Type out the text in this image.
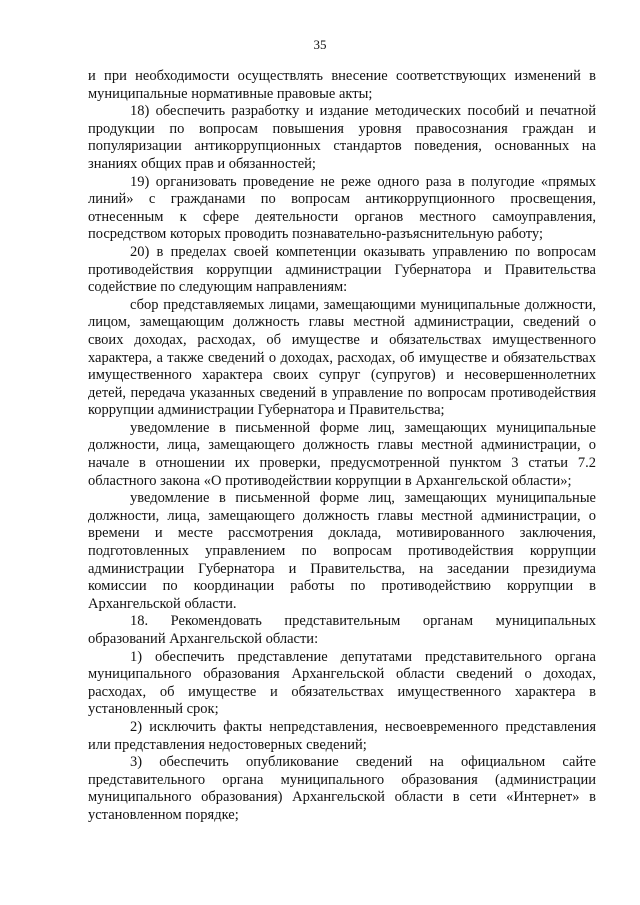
35

и при необходимости осуществлять внесение соответствующих изменений в муниципальные нормативные правовые акты;

18) обеспечить разработку и издание методических пособий и печатной продукции по вопросам повышения уровня правосознания граждан и популяризации антикоррупционных стандартов поведения, основанных на знаниях общих прав и обязанностей;

19) организовать проведение не реже одного раза в полугодие «прямых линий» с гражданами по вопросам антикоррупционного просвещения, отнесенным к сфере деятельности органов местного самоуправления, посредством которых проводить познавательно-разъяснительную работу;

20) в пределах своей компетенции оказывать управлению по вопросам противодействия коррупции администрации Губернатора и Правительства содействие по следующим направлениям:

сбор представляемых лицами, замещающими муниципальные должности, лицом, замещающим должность главы местной администрации, сведений о своих доходах, расходах, об имуществе и обязательствах имущественного характера, а также сведений о доходах, расходах, об имуществе и обязательствах имущественного характера своих супруг (супругов) и несовершеннолетних детей, передача указанных сведений в управление по вопросам противодействия коррупции администрации Губернатора и Правительства;

уведомление в письменной форме лиц, замещающих муниципальные должности, лица, замещающего должность главы местной администрации, о начале в отношении их проверки, предусмотренной пунктом 3 статьи 7.2 областного закона «О противодействии коррупции в Архангельской области»;

уведомление в письменной форме лиц, замещающих муниципальные должности, лица, замещающего должность главы местной администрации, о времени и месте рассмотрения доклада, мотивированного заключения, подготовленных управлением по вопросам противодействия коррупции администрации Губернатора и Правительства, на заседании президиума комиссии по координации работы по противодействию коррупции в Архангельской области.

18. Рекомендовать представительным органам муниципальных образований Архангельской области:

1) обеспечить представление депутатами представительного органа муниципального образования Архангельской области сведений о доходах, расходах, об имуществе и обязательствах имущественного характера в установленный срок;

2) исключить факты непредставления, несвоевременного представления или представления недостоверных сведений;

3) обеспечить опубликование сведений на официальном сайте представительного органа муниципального образования (администрации муниципального образования) Архангельской области в сети «Интернет» в установленном порядке;
